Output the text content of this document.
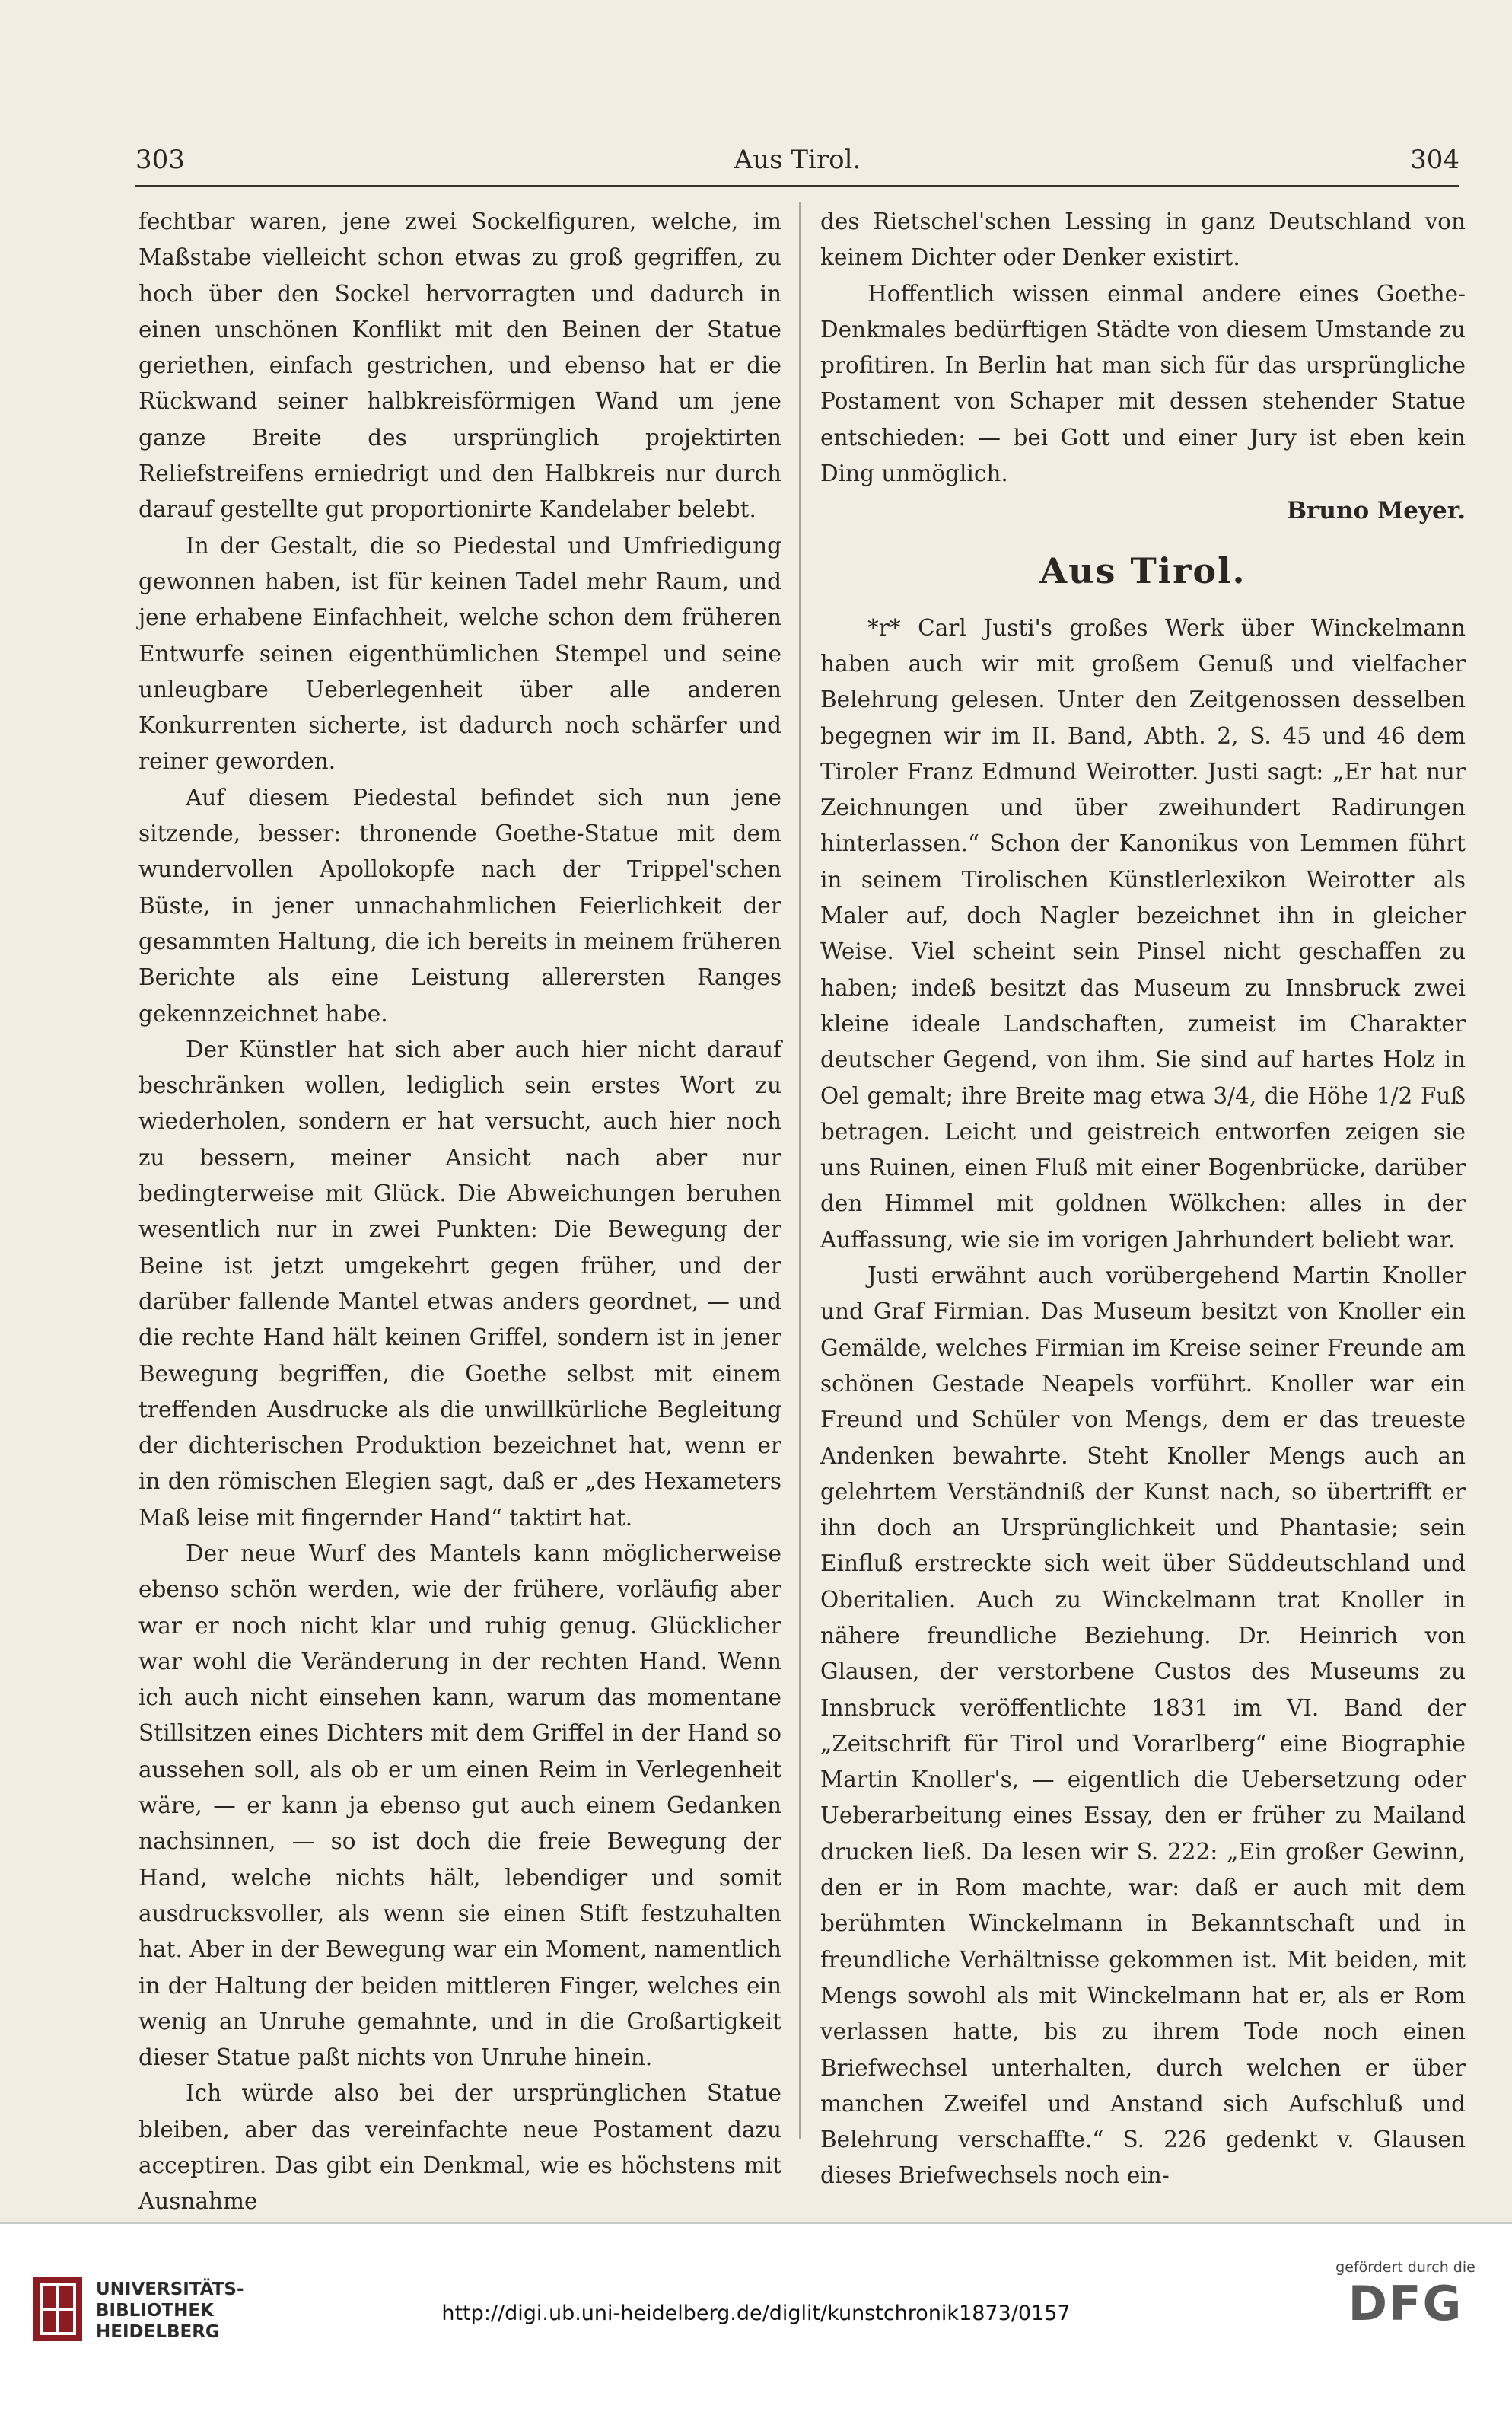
303	Aus Tirol.	304

fechtbar waren, jene zwei Sockelfiguren, welche, im Maßstabe vielleicht schon etwas zu groß gegriffen, zu hoch über den Sockel hervorragten und dadurch in einen unschönen Konflikt mit den Beinen der Statue geriethen, einfach gestrichen, und ebenso hat er die Rückwand seiner halbkreisförmigen Wand um jene ganze Breite des ursprünglich projektirten Reliefstreifens erniedrigt und den Halbkreis nur durch darauf gestellte gut proportionirte Kandelaber belebt.

In der Gestalt, die so Piedestal und Umfriedigung gewonnen haben, ist für keinen Tadel mehr Raum, und jene erhabene Einfachheit, welche schon dem früheren Entwurfe seinen eigenthümlichen Stempel und seine unleugbare Ueberlegenheit über alle anderen Konkurrenten sicherte, ist dadurch noch schärfer und reiner geworden.

Auf diesem Piedestal befindet sich nun jene sitzende, besser: thronende Goethe-Statue mit dem wundervollen Apollokopfe nach der Trippel'schen Büste, in jener unnachahmlichen Feierlichkeit der gesammten Haltung, die ich bereits in meinem früheren Berichte als eine Leistung allerersten Ranges gekennzeichnet habe.

Der Künstler hat sich aber auch hier nicht darauf beschränken wollen, lediglich sein erstes Wort zu wiederholen, sondern er hat versucht, auch hier noch zu bessern, meiner Ansicht nach aber nur bedingterweise mit Glück. Die Abweichungen beruhen wesentlich nur in zwei Punkten: Die Bewegung der Beine ist jetzt umgekehrt gegen früher, und der darüber fallende Mantel etwas anders geordnet, — und die rechte Hand hält keinen Griffel, sondern ist in jener Bewegung begriffen, die Goethe selbst mit einem treffenden Ausdrucke als die unwillkürliche Begleitung der dichterischen Produktion bezeichnet hat, wenn er in den römischen Elegien sagt, daß er „des Hexameters Maß leise mit fingernder Hand“ taktirt hat.

Der neue Wurf des Mantels kann möglicherweise ebenso schön werden, wie der frühere, vorläufig aber war er noch nicht klar und ruhig genug. Glücklicher war wohl die Veränderung in der rechten Hand. Wenn ich auch nicht einsehen kann, warum das momentane Stillsitzen eines Dichters mit dem Griffel in der Hand so aussehen soll, als ob er um einen Reim in Verlegenheit wäre, — er kann ja ebenso gut auch einem Gedanken nachsinnen, — so ist doch die freie Bewegung der Hand, welche nichts hält, lebendiger und somit ausdrucksvoller, als wenn sie einen Stift festzuhalten hat. Aber in der Bewegung war ein Moment, namentlich in der Haltung der beiden mittleren Finger, welches ein wenig an Unruhe gemahnte, und in die Großartigkeit dieser Statue paßt nichts von Unruhe hinein.

Ich würde also bei der ursprünglichen Statue bleiben, aber das vereinfachte neue Postament dazu acceptiren. Das gibt ein Denkmal, wie es höchstens mit Ausnahme

des Rietschel'schen Lessing in ganz Deutschland von keinem Dichter oder Denker existirt.

Hoffentlich wissen einmal andere eines Goethe-Denkmales bedürftigen Städte von diesem Umstande zu profitiren. In Berlin hat man sich für das ursprüngliche Postament von Schaper mit dessen stehender Statue entschieden: — bei Gott und einer Jury ist eben kein Ding unmöglich.

Bruno Meyer.
Aus Tirol.

*r* Carl Justi's großes Werk über Winckelmann haben auch wir mit großem Genuß und vielfacher Belehrung gelesen. Unter den Zeitgenossen desselben begegnen wir im II. Band, Abth. 2, S. 45 und 46 dem Tiroler Franz Edmund Weirotter. Justi sagt: „Er hat nur Zeichnungen und über zweihundert Radirungen hinterlassen.“ Schon der Kanonikus von Lemmen führt in seinem Tirolischen Künstlerlexikon Weirotter als Maler auf, doch Nagler bezeichnet ihn in gleicher Weise. Viel scheint sein Pinsel nicht geschaffen zu haben; indeß besitzt das Museum zu Innsbruck zwei kleine ideale Landschaften, zumeist im Charakter deutscher Gegend, von ihm. Sie sind auf hartes Holz in Oel gemalt; ihre Breite mag etwa 3/4, die Höhe 1/2 Fuß betragen. Leicht und geistreich entworfen zeigen sie uns Ruinen, einen Fluß mit einer Bogenbrücke, darüber den Himmel mit goldnen Wölkchen: alles in der Auffassung, wie sie im vorigen Jahrhundert beliebt war.

Justi erwähnt auch vorübergehend Martin Knoller und Graf Firmian. Das Museum besitzt von Knoller ein Gemälde, welches Firmian im Kreise seiner Freunde am schönen Gestade Neapels vorführt. Knoller war ein Freund und Schüler von Mengs, dem er das treueste Andenken bewahrte. Steht Knoller Mengs auch an gelehrtem Verständniß der Kunst nach, so übertrifft er ihn doch an Ursprünglichkeit und Phantasie; sein Einfluß erstreckte sich weit über Süddeutschland und Oberitalien. Auch zu Winckelmann trat Knoller in nähere freundliche Beziehung. Dr. Heinrich von Glausen, der verstorbene Custos des Museums zu Innsbruck veröffentlichte 1831 im VI. Band der „Zeitschrift für Tirol und Vorarlberg“ eine Biographie Martin Knoller's, — eigentlich die Uebersetzung oder Ueberarbeitung eines Essay, den er früher zu Mailand drucken ließ. Da lesen wir S. 222: „Ein großer Gewinn, den er in Rom machte, war: daß er auch mit dem berühmten Winckelmann in Bekanntschaft und in freundliche Verhältnisse gekommen ist. Mit beiden, mit Mengs sowohl als mit Winckelmann hat er, als er Rom verlassen hatte, bis zu ihrem Tode noch einen Briefwechsel unterhalten, durch welchen er über manchen Zweifel und Anstand sich Aufschluß und Belehrung verschaffte.“ S. 226 gedenkt v. Glausen dieses Briefwechsels noch ein-

UNIVERSITÄTS-
BIBLIOTHEK
HEIDELBERG
http://digi.ub.uni-heidelberg.de/diglit/kunstchronik1873/0157
gefördert durch die
DFG
